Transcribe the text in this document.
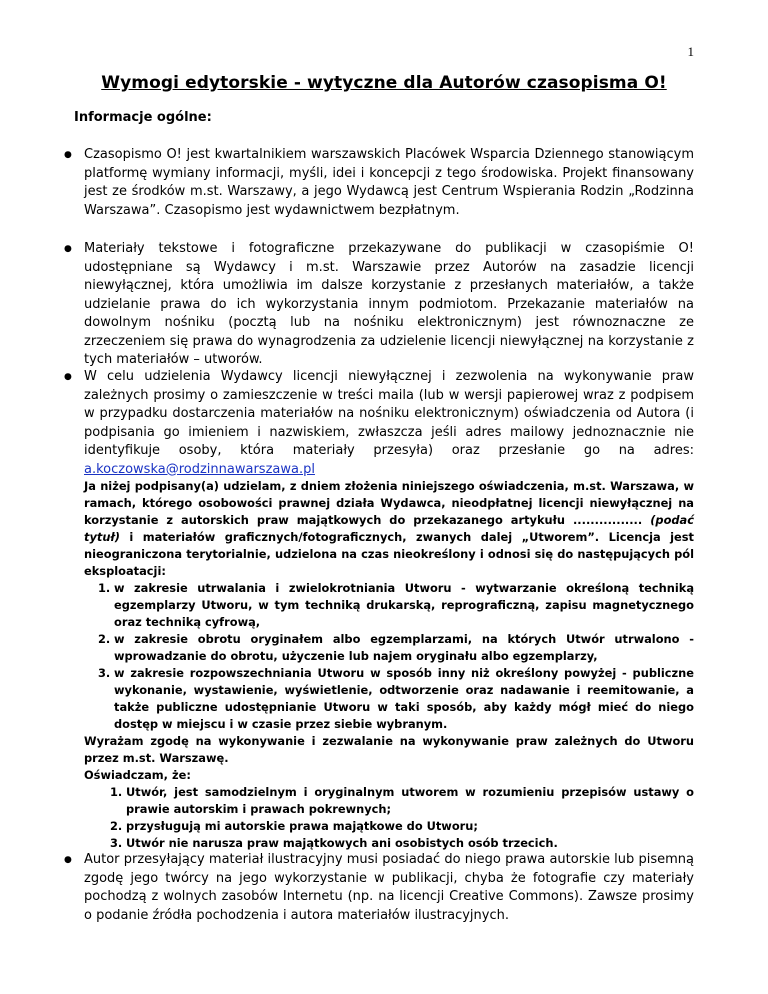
1
Wymogi edytorskie - wytyczne dla Autorów czasopisma O!
Informacje ogólne:
● Czasopismo O! jest kwartalnikiem warszawskich Placówek Wsparcia Dziennego stanowiącym platformę wymiany informacji, myśli, idei i koncepcji z tego środowiska. Projekt finansowany jest ze środków m.st. Warszawy, a jego Wydawcą jest Centrum Wspierania Rodzin „Rodzinna Warszawa”. Czasopismo jest wydawnictwem bezpłatnym.

● Materiały tekstowe i fotograficzne przekazywane do publikacji w czasopiśmie O! udostępniane są Wydawcy i m.st. Warszawie przez Autorów na zasadzie licencji niewyłącznej, która umożliwia im dalsze korzystanie z przesłanych materiałów, a także udzielanie prawa do ich wykorzystania innym podmiotom. Przekazanie materiałów na dowolnym nośniku (pocztą lub na nośniku elektronicznym) jest równoznaczne ze zrzeczeniem się prawa do wynagrodzenia za udzielenie licencji niewyłącznej na korzystanie z tych materiałów – utworów.

● W celu udzielenia Wydawcy licencji niewyłącznej i zezwolenia na wykonywanie praw zależnych prosimy o zamieszczenie w treści maila (lub w wersji papierowej wraz z podpisem w przypadku dostarczenia materiałów na nośniku elektronicznym) oświadczenia od Autora (i podpisania go imieniem i nazwiskiem, zwłaszcza jeśli adres mailowy jednoznacznie nie identyfikuje osoby, która materiały przesyła) oraz przesłanie go na adres:

a.koczowska@rodzinnawarszawa.pl

Ja niżej podpisany(a) udzielam, z dniem złożenia niniejszego oświadczenia, m.st. Warszawa, w ramach, którego osobowości prawnej działa Wydawca, nieodpłatnej licencji niewyłącznej na korzystanie z autorskich praw majątkowych do przekazanego artykułu ................ (podać tytuł) i materiałów graficznych/fotograficznych, zwanych dalej „Utworem”. Licencja jest nieograniczona terytorialnie, udzielona na czas nieokreślony i odnosi się do następujących pól eksploatacji:

1. w zakresie utrwalania i zwielokrotniania Utworu - wytwarzanie określoną techniką egzemplarzy Utworu, w tym techniką drukarską, reprograficzną, zapisu magnetycznego oraz techniką cyfrową,
2. w zakresie obrotu oryginałem albo egzemplarzami, na których Utwór utrwalono - wprowadzanie do obrotu, użyczenie lub najem oryginału albo egzemplarzy,
3. w zakresie rozpowszechniania Utworu w sposób inny niż określony powyżej - publiczne wykonanie, wystawienie, wyświetlenie, odtworzenie oraz nadawanie i reemitowanie, a także publiczne udostępnianie Utworu w taki sposób, aby każdy mógł mieć do niego dostęp w miejscu i w czasie przez siebie wybranym.

Wyrażam zgodę na wykonywanie i zezwalanie na wykonywanie praw zależnych do Utworu przez m.st. Warszawę.

Oświadczam, że:

1. Utwór, jest samodzielnym i oryginalnym utworem w rozumieniu przepisów ustawy o prawie autorskim i prawach pokrewnych;
2. przysługują mi autorskie prawa majątkowe do Utworu;
3. Utwór nie narusza praw majątkowych ani osobistych osób trzecich.
● Autor przesyłający materiał ilustracyjny musi posiadać do niego prawa autorskie lub pisemną zgodę jego twórcy na jego wykorzystanie w publikacji, chyba że fotografie czy materiały pochodzą z wolnych zasobów Internetu (np. na licencji Creative Commons). Zawsze prosimy o podanie źródła pochodzenia i autora materiałów ilustracyjnych.
